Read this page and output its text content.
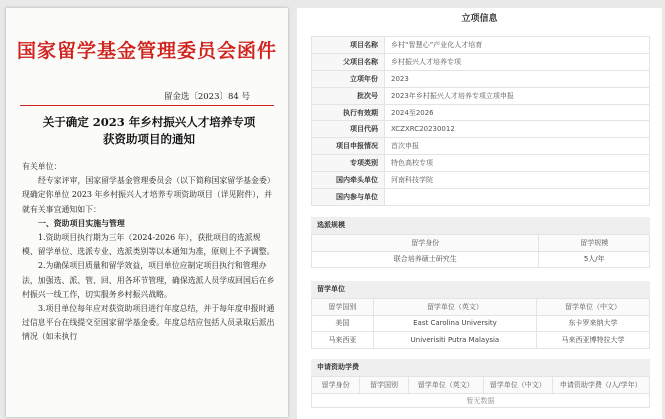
国家留学基金管理委员会函件
留金选〔2023〕84 号
关于确定 2023 年乡村振兴人才培养专项
获资助项目的通知

有关单位：

经专家评审，国家留学基金管理委员会（以下简称国家留学基金委）现确定你单位 2023 年乡村振兴人才培养专项资助项目（详见附件），并就有关事宜通知如下：

一、资助项目实施与管理

1.资助项目执行期为三年（2024-2026 年），获批项目的选派规模、留学单位、选派专业、选派类别等以本通知为准，原则上不予调整。

2.为确保项目质量和留学效益，项目单位应制定项目执行和管理办法，加强选、派、管、回、用各环节管理，确保选派人员学成回国后在乡村振兴一线工作，切实服务乡村振兴战略。

3.项目单位每年应对获资助项目进行年度总结，并于每年度申报时通过信息平台在线提交至国家留学基金委。年度总结应包括人员录取后派出情况（如未执行

立项信息
项目名称	乡村“智慧心”产业化人才培育
父项目名称	乡村振兴人才培养专项
立项年份	2023
批次号	2023年乡村振兴人才培养专项立项申报
执行有效期	2024至2026
项目代码	XCZXRC20230012
项目申报情况	首次申报
专项类别	特色高校专项
国内牵头单位	河南科技学院
国内参与单位	
选派规模
留学身份	留学规模
联合培养硕士研究生	5人/年
留学单位
留学国别	留学单位（英文）	留学单位（中文）
美国	East Carolina University	东卡罗来纳大学
马来西亚	Univerisiti Putra Malaysia	马来西亚博特拉大学
申请资助学费
留学身份	留学国别	留学单位（英文）	留学单位（中文）	申请资助学费（/人/学年）
暂无数据
